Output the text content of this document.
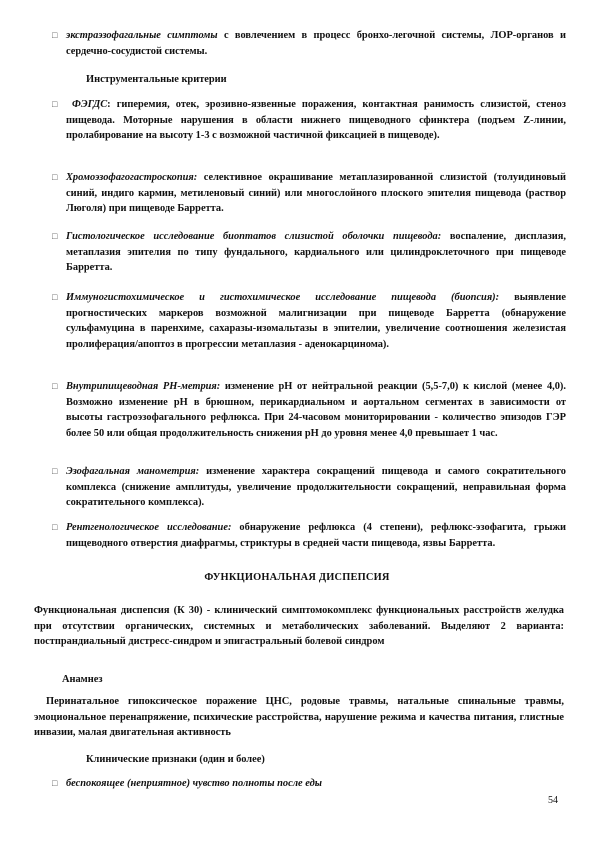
□ экстраэзофагальные симптомы с вовлечением в процесс бронхо-легочной системы, ЛОР-органов и сердечно-сосудистой системы.
Инструментальные критерии
□ ФЭГДС: гиперемия, отек, эрозивно-язвенные поражения, контактная ранимость слизистой, стеноз пищевода. Моторные нарушения в области нижнего пищеводного сфинктера (подъем Z-линии, пролабирование на высоту 1-3 с возможной частичной фиксацией в пищеводе).
□ Хромоэзофагогастроскопия: селективное окрашивание метаплазированной слизистой (толуидиновый синий, индиго кармин, метиленовый синий) или многослойного плоского эпителия пищевода (раствор Люголя) при пищеводе Барретта.
□ Гистологическое исследование биоптатов слизистой оболочки пищевода: воспаление, дисплазия, метаплазия эпителия по типу фундального, кардиального или цилиндроклеточного при пищеводе Барретта.
□ Иммуногистохимическое и гистохимическое исследование пищевода (биопсия): выявление прогностических маркеров возможной малигнизации при пищеводе Барретта (обнаружение сульфамуцина в паренхиме, сахаразы-изомальтазы в эпителии, увеличение соотношения железистая пролиферация/апоптоз в прогрессии метаплазия - аденокарцинома).
□ Внутрипищеводная PH-метрия: изменение pH от нейтральной реакции (5,5-7,0) к кислой (менее 4,0). Возможно изменение pH в брюшном, перикардиальном и аортальном сегментах в зависимости от высоты гастроэзофагального рефлюкса. При 24-часовом мониторировании - количество эпизодов ГЭР более 50 или общая продолжительность снижения pH до уровня менее 4,0 превышает 1 час.
□ Эзофагальная манометрия: изменение характера сокращений пищевода и самого сократительного комплекса (снижение амплитуды, увеличение продолжительности сокращений, неправильная форма сократительного комплекса).
□ Рентгенологическое исследование: обнаружение рефлюкса (4 степени), рефлюкс-эзофагита, грыжи пищеводного отверстия диафрагмы, стриктуры в средней части пищевода, язвы Барретта.
ФУНКЦИОНАЛЬНАЯ ДИСПЕПСИЯ
Функциональная диспепсия (К 30) - клинический симптомокомплекс функциональных расстройств желудка при отсутствии органических, системных и метаболических заболеваний. Выделяют 2 варианта: постпрандиальный дистресс-синдром и эпигастральный болевой синдром
Анамнез
Перинатальное гипоксическое поражение ЦНС, родовые травмы, натальные спинальные травмы, эмоциональное перенапряжение, психические расстройства, нарушение режима и качества питания, глистные инвазии, малая двигательная активность
Клинические признаки (один и более)
□ беспокоящее (неприятное) чувство полноты после еды
54
